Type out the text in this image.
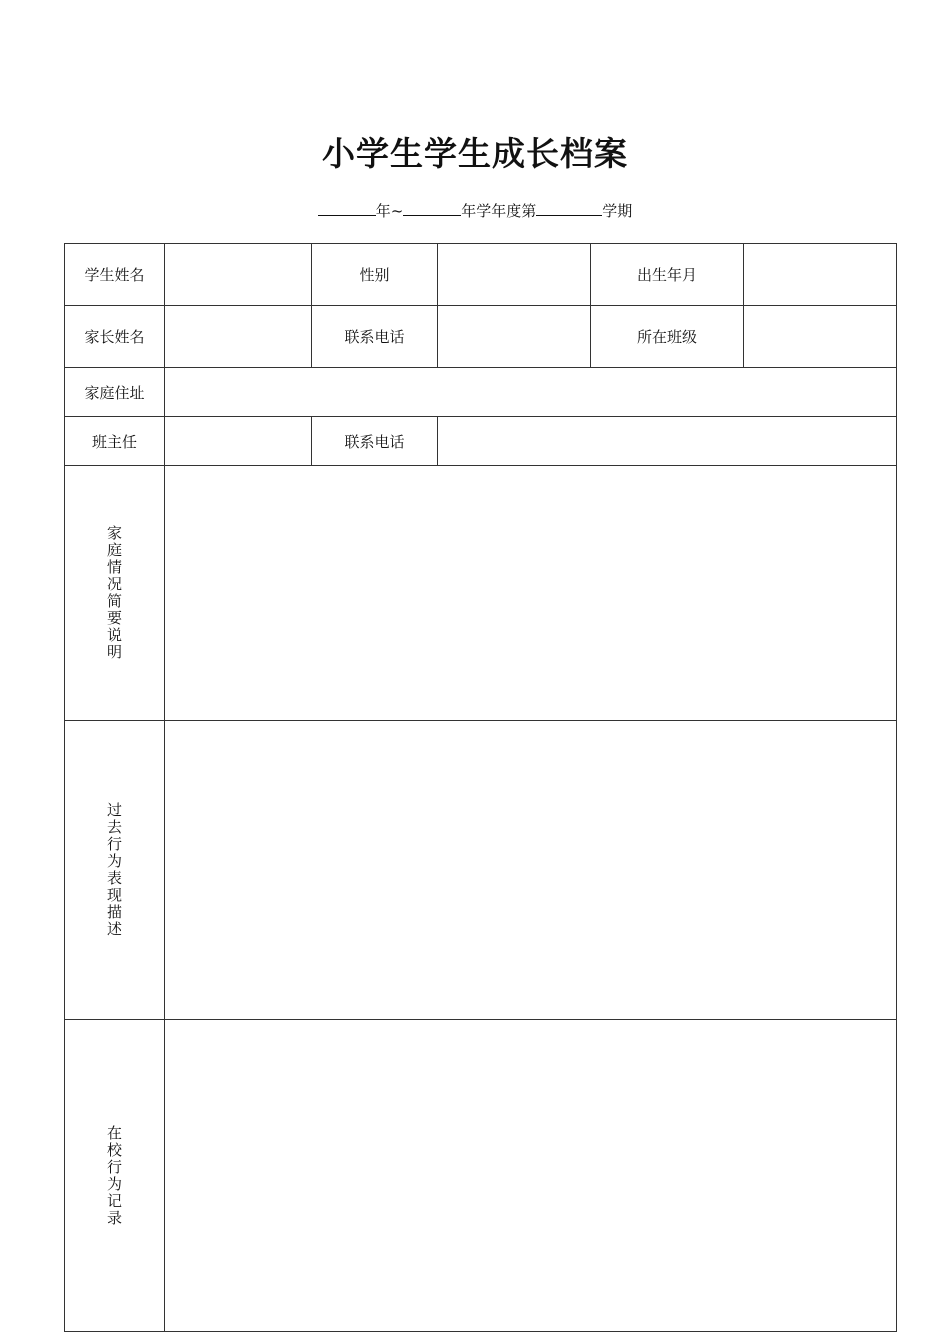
小学生学生成长档案
年~	年学年度第	学期
学生姓名		性别		出生年月	
家长姓名		联系电话		所在班级	
家庭住址					
班主任		联系电话			
家庭情况简要说明					
过去行为表现描述					
在校行为记录					
